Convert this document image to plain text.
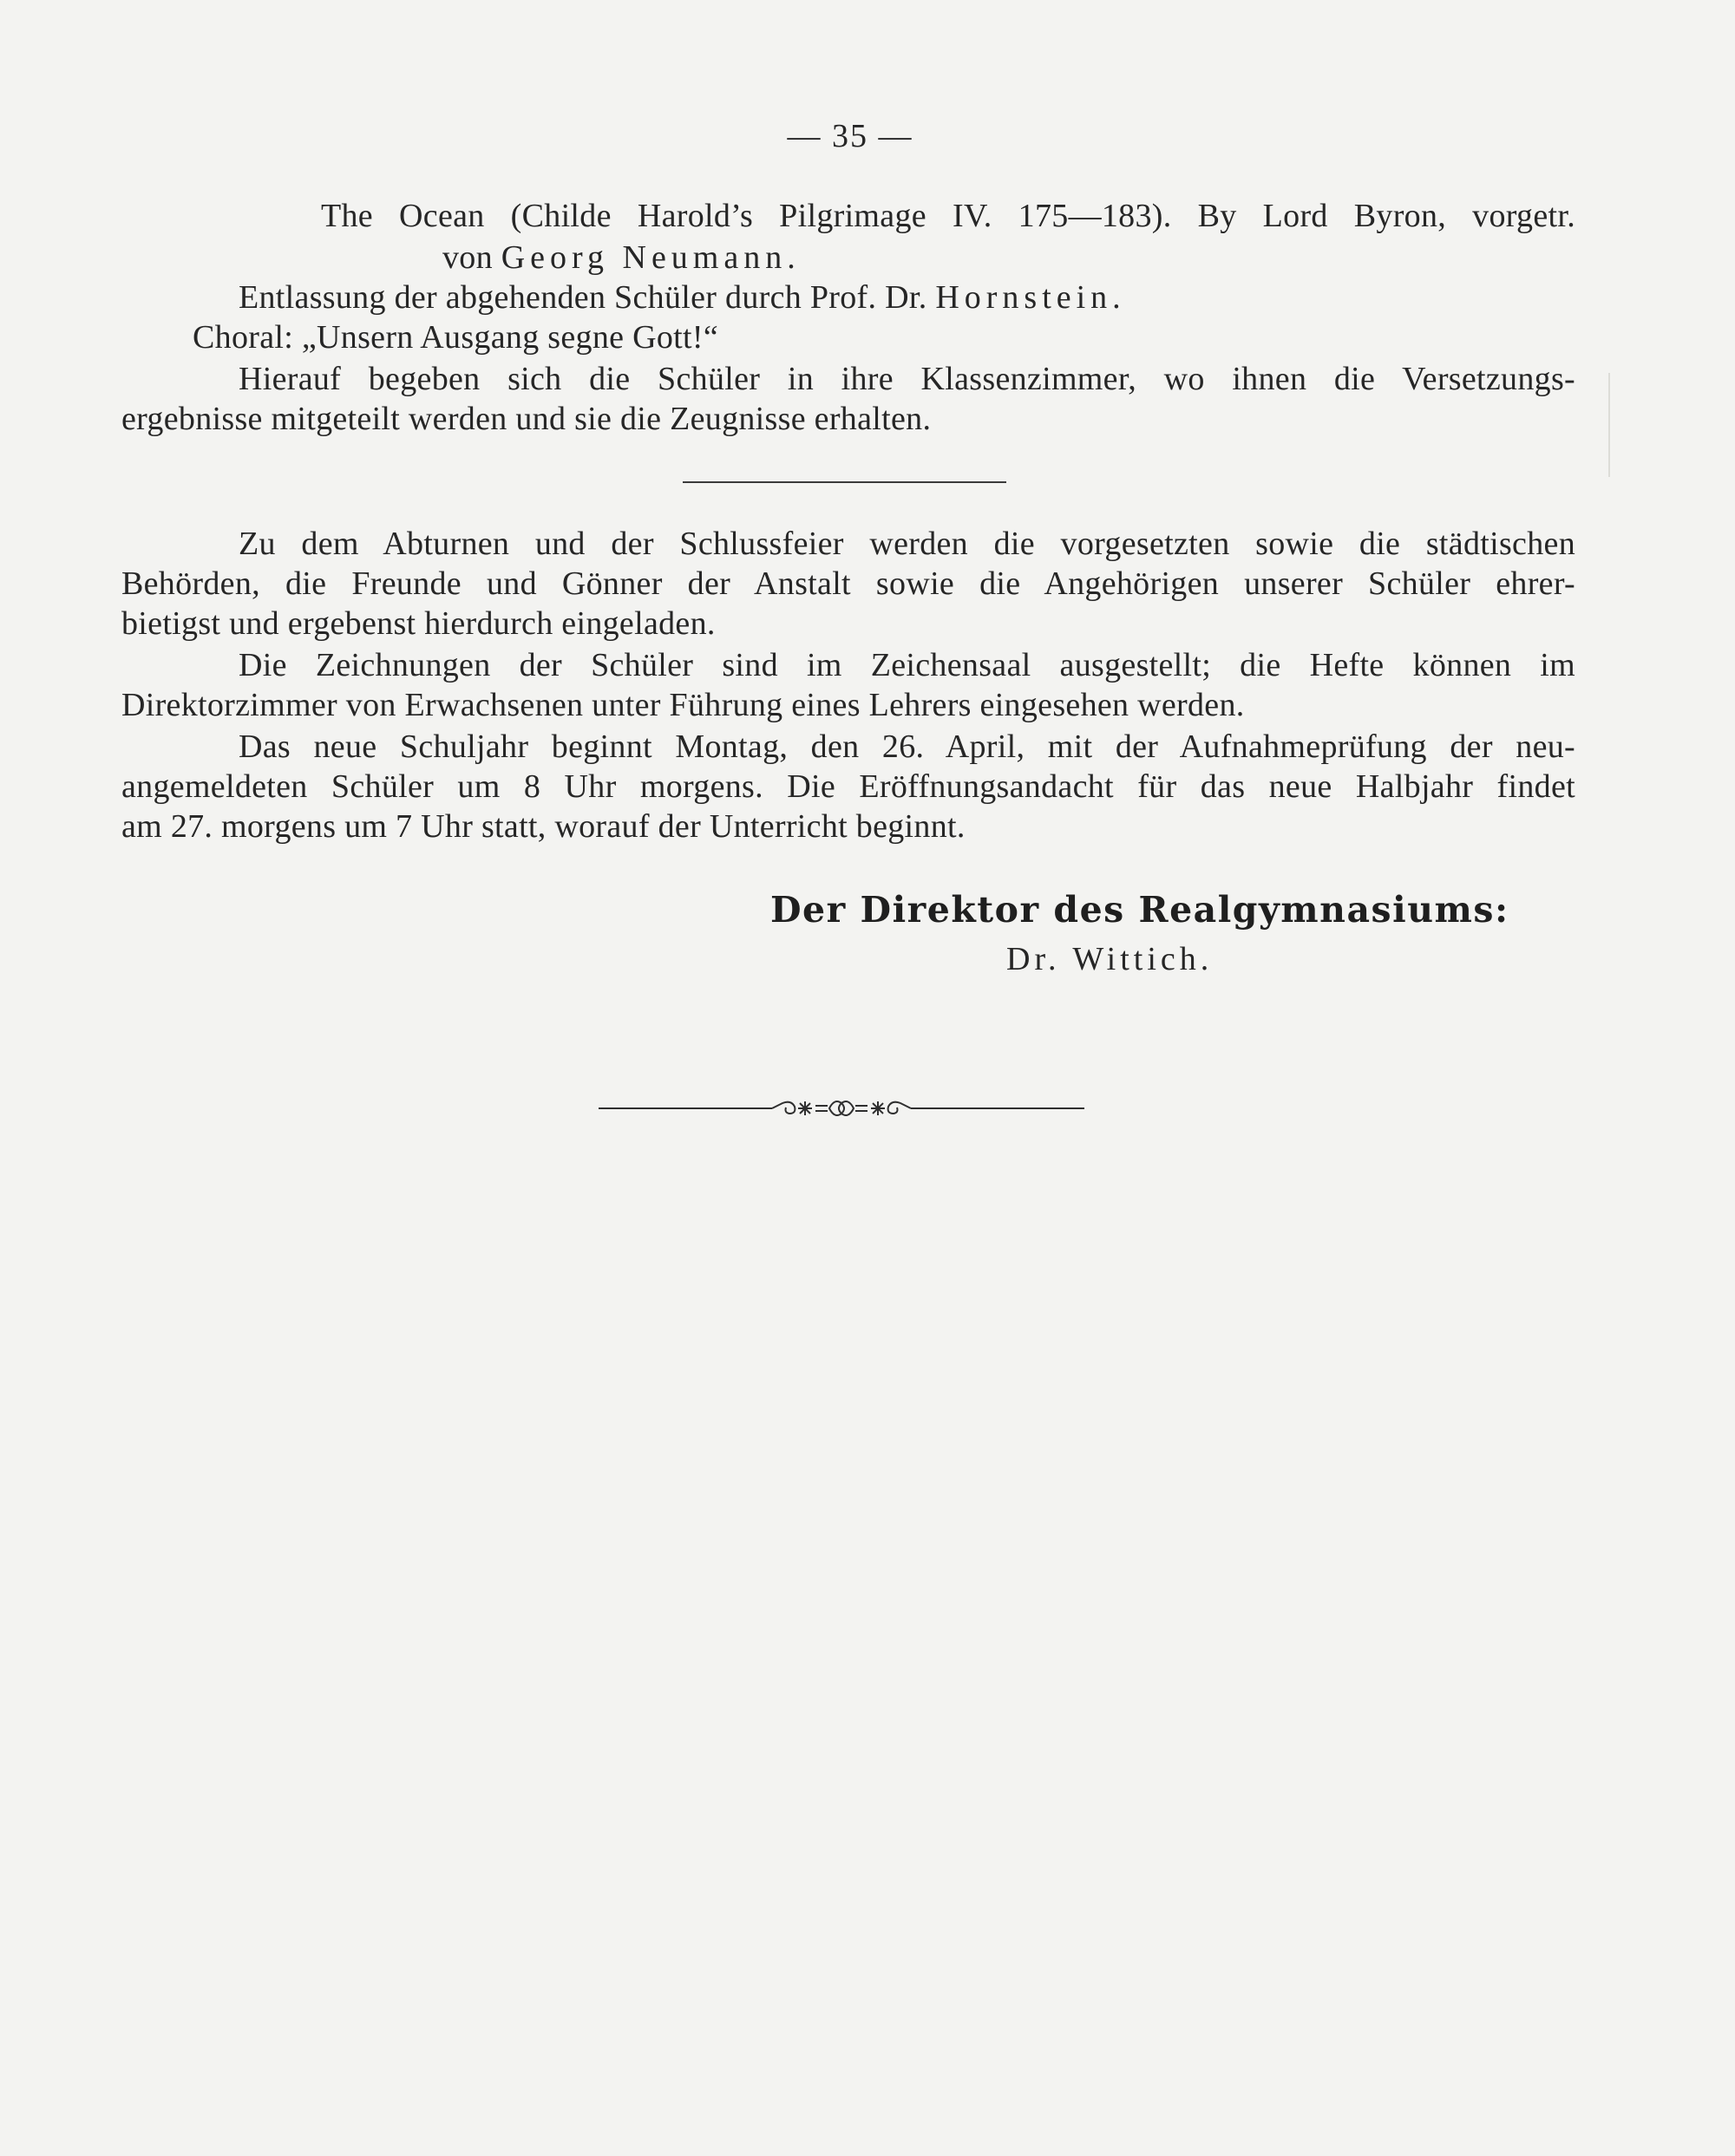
— 35 —
The Ocean (Childe Harold’s Pilgrimage IV. 175—183). By Lord Byron, vorgetr.
von Georg Neumann.
Entlassung der abgehenden Schüler durch Prof. Dr. Hornstein.
Choral: „Unsern Ausgang segne Gott!“
Hierauf begeben sich die Schüler in ihre Klassenzimmer, wo ihnen die Versetzungs-
ergebnisse mitgeteilt werden und sie die Zeugnisse erhalten.
Zu dem Abturnen und der Schlussfeier werden die vorgesetzten sowie die städtischen
Behörden, die Freunde und Gönner der Anstalt sowie die Angehörigen unserer Schüler ehrer-
bietigst und ergebenst hierdurch eingeladen.
Die Zeichnungen der Schüler sind im Zeichensaal ausgestellt; die Hefte können im
Direktorzimmer von Erwachsenen unter Führung eines Lehrers eingesehen werden.
Das neue Schuljahr beginnt Montag, den 26. April, mit der Aufnahmeprüfung der neu-
angemeldeten Schüler um 8 Uhr morgens. Die Eröffnungsandacht für das neue Halbjahr findet
am 27. morgens um 7 Uhr statt, worauf der Unterricht beginnt.
Der Direktor des Realgymnasiums:
Dr. Wittich.
